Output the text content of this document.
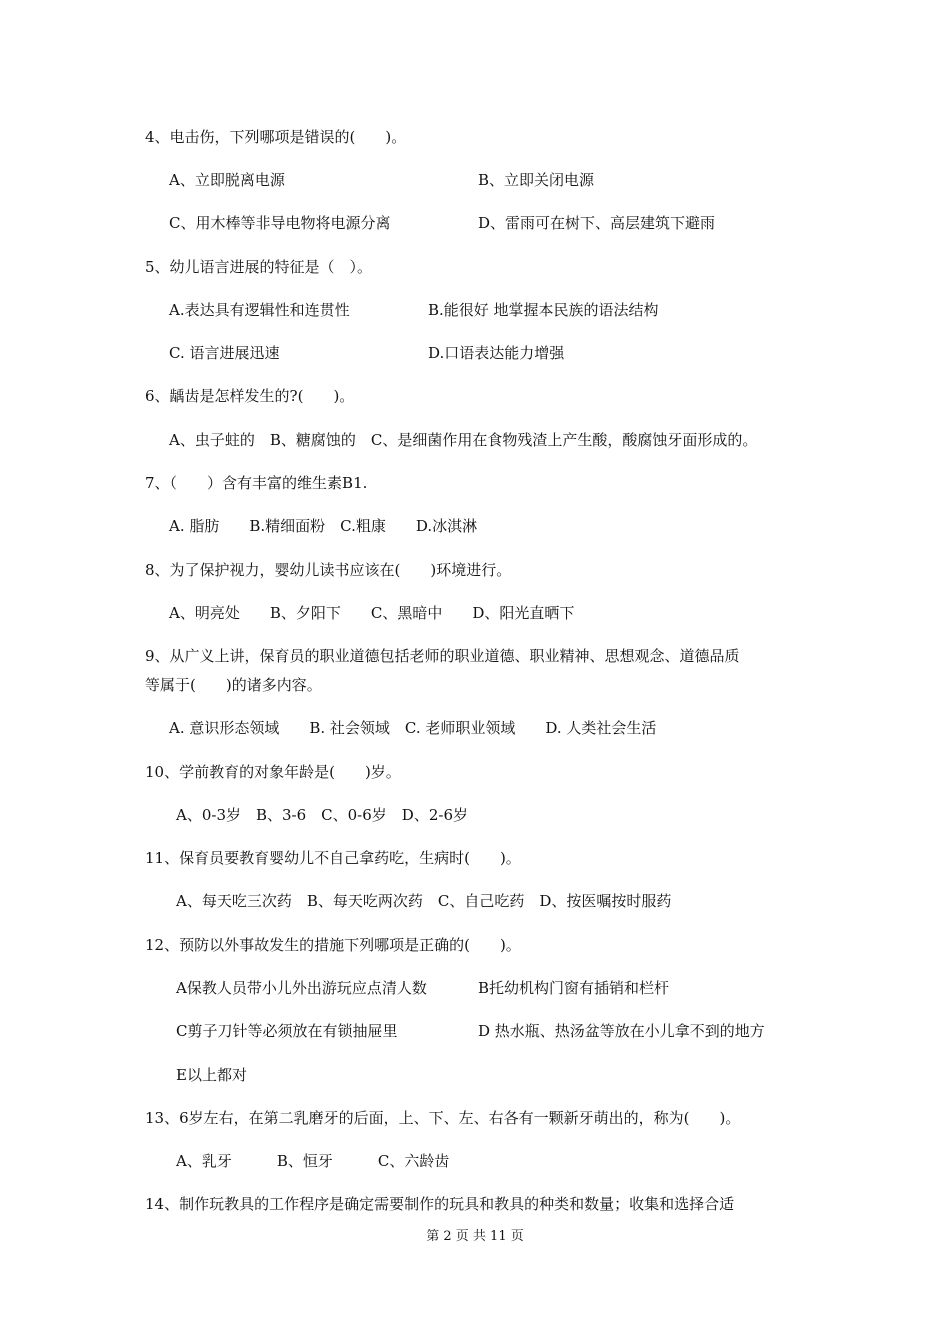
4、电击伤，下列哪项是错误的(　　)。
A、立即脱离电源	B、立即关闭电源
C、用木棒等非导电物将电源分离	D、雷雨可在树下、高层建筑下避雨
5、幼儿语言进展的特征是（　）。
A.表达具有逻辑性和连贯性	B.能很好 地掌握本民族的语法结构
C. 语言进展迅速	D.口语表达能力增强
6、龋齿是怎样发生的?(　　)。
A、虫子蛀的　B、糖腐蚀的　C、是细菌作用在食物残渣上产生酸，酸腐蚀牙面形成的。
7、（　　）含有丰富的维生素B1.
A. 脂肪　　B.精细面粉　C.粗康　　D.冰淇淋
8、为了保护视力，婴幼儿读书应该在(　　)环境进行。
A、明亮处　　B、夕阳下　　C、黑暗中　　D、阳光直晒下
9、从广义上讲，保育员的职业道德包括老师的职业道德、职业精神、思想观念、道德品质
等属于(　　)的诸多内容。
A. 意识形态领域　　B. 社会领域　C. 老师职业领域　　D. 人类社会生活
10、学前教育的对象年龄是(　　)岁。
A、0-3岁　B、3-6　C、0-6岁　D、2-6岁
11、保育员要教育婴幼儿不自己拿药吃，生病时(　　)。
A、每天吃三次药　B、每天吃两次药　C、自己吃药　D、按医嘱按时服药
12、预防以外事故发生的措施下列哪项是正确的(　　)。
A保教人员带小儿外出游玩应点清人数	B托幼机构门窗有插销和栏杆
C剪子刀针等必须放在有锁抽屉里	D 热水瓶、热汤盆等放在小儿拿不到的地方
E以上都对
13、6岁左右，在第二乳磨牙的后面，上、下、左、右各有一颗新牙萌出的，称为(　　)。
A、乳牙　　　B、恒牙　　　C、六龄齿
14、制作玩教具的工作程序是确定需要制作的玩具和教具的种类和数量；收集和选择合适
第 2 页 共 11 页
